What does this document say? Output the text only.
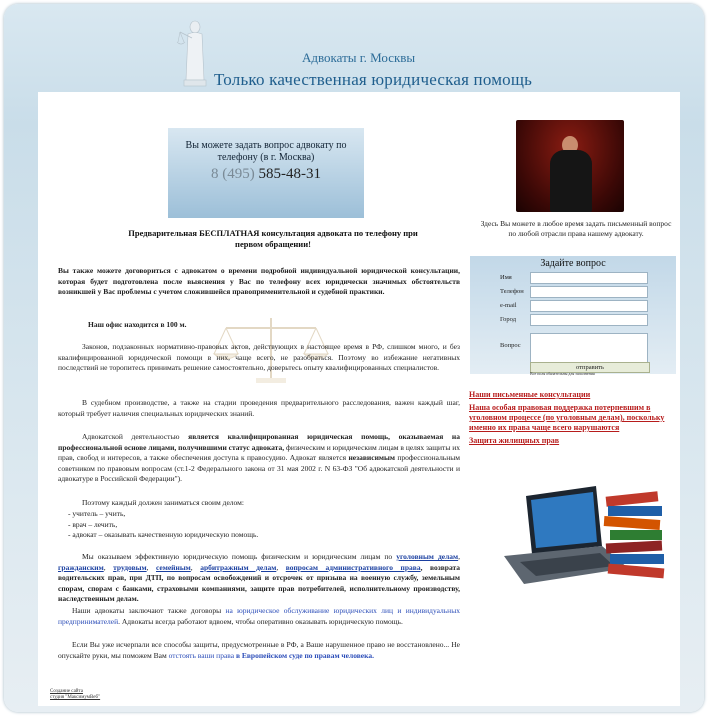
Адвокаты г. Москвы
Только качественная юридическая помощь
Вы можете задать вопрос адвокату по телефону (в г. Москва)
8 (495) 585-48-31
Предварительная БЕСПЛАТНАЯ консультация адвоката по телефону при первом обращении!
Вы также можете договориться с адвокатом о времени подробной индивидуальной юридической консультации, которая будет подготовлена после выяснения у Вас по телефону всех юридически значимых обстоятельств возникшей у Вас проблемы с учетом сложившейся правоприменительной и судебной практики.
Наш офис находится в 100 м.
Законов, подзаконных нормативно-правовых актов, действующих в настоящее время в РФ, слишком много, и без квалифицированной юридической помощи в них, чаще всего, не разобраться. Поэтому во избежание негативных последствий не торопитесь принимать решение самостоятельно, доверьтесь опыту квалифицированных специалистов.
В судебном производстве, а также на стадии проведения предварительного расследования, важен каждый шаг, который требует наличия специальных юридических знаний.
Адвокатской деятельностью является квалифицированная юридическая помощь, оказываемая на профессиональной основе лицами, получившими статус адвоката, физическим и юридическим лицам в целях защиты их прав, свобод и интересов, а также обеспечения доступа к правосудию. Адвокат является независимым профессиональным советником по правовым вопросам (ст.1-2 Федерального закона от 31 мая 2002 г. N 63-ФЗ "Об адвокатской деятельности и адвокатуре в Российской Федерации").
Поэтому каждый должен заниматься своим делом:
- учитель – учить,
- врач – лечить,
- адвокат – оказывать качественную юридическую помощь.
Мы оказываем эффективную юридическую помощь физическим и юридическим лицам по уголовным делам, гражданским, трудовым, семейным, арбитражным делам, вопросам административного права, возврата водительских прав, при ДТП, по вопросам освобождений и отсрочек от призыва на военную службу, земельным спорам, спорам с банками, страховыми компаниями, защите прав потребителей, исполнительному производству, наследственным делам.
Наши адвокаты заключают также договоры на юридическое обслуживание юридических лиц и индивидуальных предпринимателей. Адвокаты всегда работают вдвоем, чтобы оперативно оказывать юридическую помощь.
Если Вы уже исчерпали все способы защиты, предусмотренные в РФ, а Ваше нарушенное право не восстановлено... Не опускайте руки, мы поможем Вам отстоять ваши права в Европейском суде по правам человека.
Здесь Вы можете в любое время задать письменный вопрос по любой отрасли права нашему адвокату.
Задайте вопрос
Имя
Телефон
e-mail
Город
Вопрос
отправить
Все поля обязательны для заполнения
Наши письменные консультации
Наша особая правовая поддержка потерпевшим в уголовном процессе (по уголовным делам), поскольку именно их права чаще всего нарушаются
Защита жилищных прав
Создание сайта
студия "МаксимумВеб"
